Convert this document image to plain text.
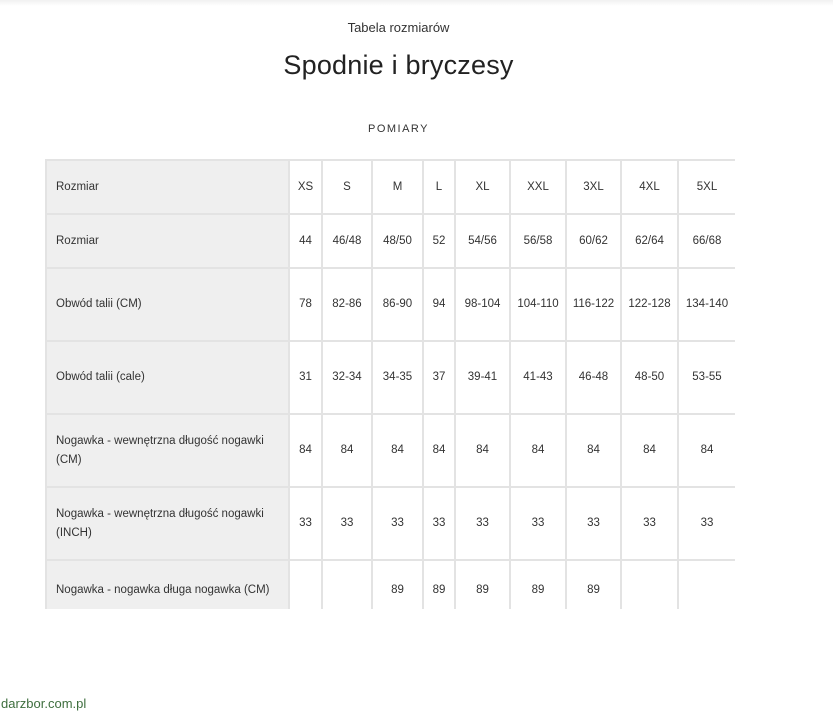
Tabela rozmiarów
Spodnie i bryczesy
POMIARY
Rozmiar	XS	S	M	L	XL	XXL	3XL	4XL	5XL
Rozmiar	44	46/48	48/50	52	54/56	56/58	60/62	62/64	66/68
Obwód talii (CM)	78	82-86	86-90	94	98-104	104-110	116-122	122-128	134-140
Obwód talii (cale)	31	32-34	34-35	37	39-41	41-43	46-48	48-50	53-55
Nogawka - wewnętrzna długość nogawki (CM)	84	84	84	84	84	84	84	84	84
Nogawka - wewnętrzna długość nogawki (INCH)	33	33	33	33	33	33	33	33	33
Nogawka - nogawka długa nogawka (CM)			89	89	89	89	89		
darzbor.com.pl
